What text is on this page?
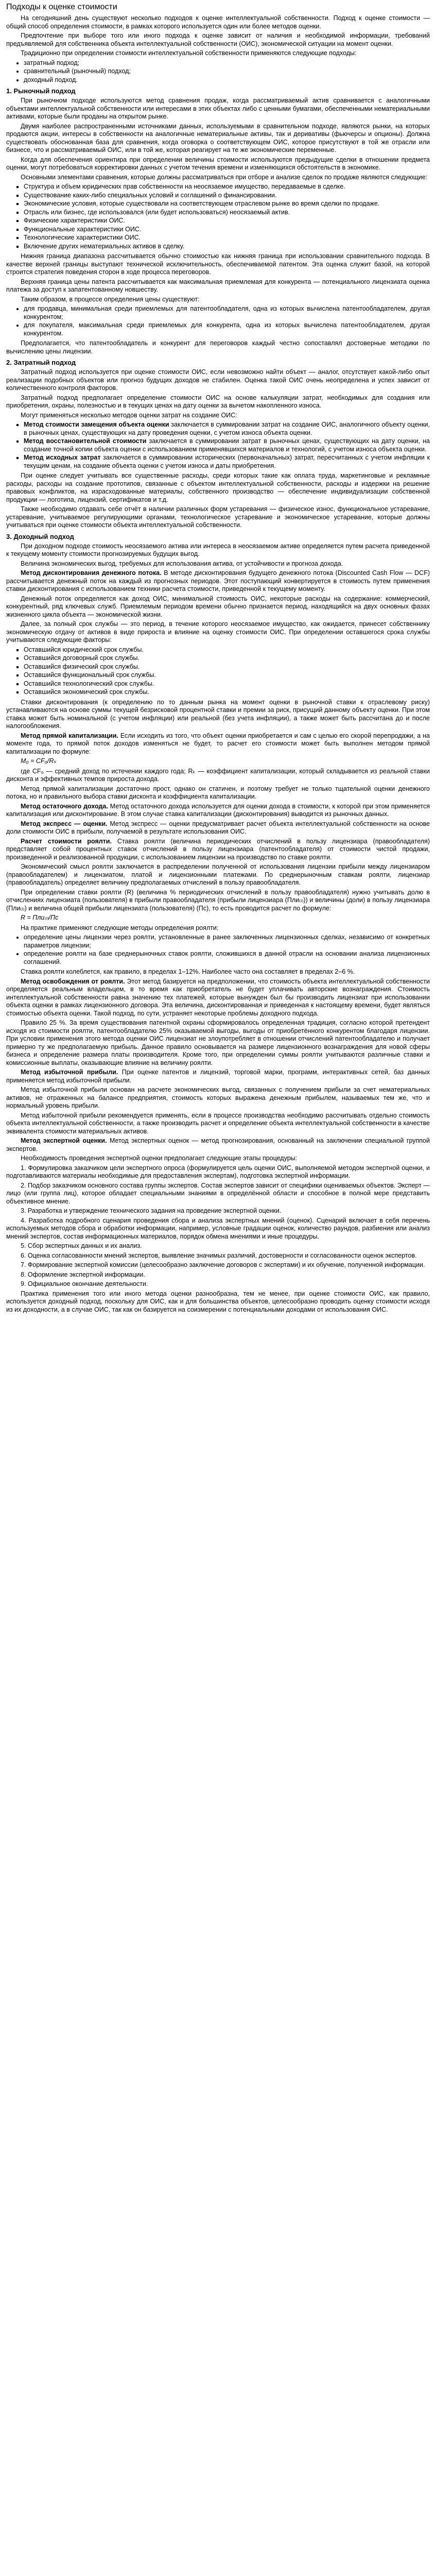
Подходы к оценке стоимости

На сегодняшний день существуют несколько подходов к оценке интеллектуальной собственности. Подход к оценке стоимости — общий способ определения стоимости, в рамках которого используется один или более методов оценки.

Предпочтение при выборе того или иного подхода к оценке зависит от наличия и необходимой информации, требований предъявляемой для собственника объекта интеллектуальной собственности (ОИС), экономической ситуации на момент оценки.

Традиционно при определении стоимости интеллектуальной собственности применяются следующие подходы:

• затратный подход;
• сравнительный (рыночный) подход;
• доходный подход.
1. Рыночный подход

При рыночном подходе используются метод сравнения продаж, когда рассматриваемый актив сравнивается с аналогичными объектами интеллектуальной собственности или интересами в этих объектах либо с ценными бумагами, обеспеченными нематериальными активами, которые были проданы на открытом рынке.

Двумя наиболее распространенными источниками данных, используемыми в сравнительном подходе, являются рынки, на которых продаются акции, интересы в собственности на аналогичные нематериальные активы, так и деривативы (фьючерсы и опционы). Должна существовать обоснованная база для сравнения, когда оговорка о соответствующем ОИС, которое присутствуют в той же отрасли или бизнесе, что и рассматриваемый ОИС, или в той же, которая реагирует на те же экономические переменные.

Когда для обеспечения ориентира при определении величины стоимости используются предыдущие сделки в отношении предмета оценки, могут потребоваться корректировки данных с учетом течения времени и изменяющихся обстоятельств в экономике.

Основными элементами сравнения, которые должны рассматриваться при отборе и анализе сделок по продаже являются следующие:

▪ Структура и объем юридических прав собственности на неосязаемое имущество, передаваемые в сделке.
▪ Существование каких-либо специальных условий и соглашений о финансировании.
▪ Экономические условия, которые существовали на соответствующем отраслевом рынке во время сделки по продаже.
▪ Отрасль или бизнес, где использовался (или будет использоваться) неосязаемый актив.
▪ Физические характеристики ОИС.
▪ Функциональные характеристики ОИС.
▪ Технологические характеристики ОИС.
▪ Включение других нематериальных активов в сделку.

Нижняя граница диапазона рассчитывается обычно стоимостью как нижняя граница при использовании сравнительного подхода. В качестве верхней границы выступают технической исключительность, обеспечиваемой патентом. Эта оценка служит базой, на которой строится стратегия поведения сторон в ходе процесса переговоров.

Верхняя граница цены патента рассчитывается как максимальная приемлемая для конкурента — потенциального лицензиата оценка платежа за доступ к запатентованному новшеству.

Таким образом, в процессе определения цены существуют:

• для продавца, минимальная среди приемлемых для патентообладателя, одна из которых вычислена патентообладателем, другая конкурентом;
• для покупателя, максимальная среди приемлемых для конкурента, одна из которых вычислена патентообладателем, другая конкурентом.

Предполагается, что патентообладатель и конкурент для переговоров каждый честно сопоставлял достоверные методики по вычислению цены лицензии.

2. Затратный подход

Затратный подход используется при оценке стоимости ОИС, если невозможно найти объект — аналог, отсутствует какой-либо опыт реализации подобных объектов или прогноз будущих доходов не стабилен. Оценка такой ОИС очень неопределена и успех зависит от количественного контроля факторов.

Затратный подход предполагает определение стоимости ОИС на основе калькуляции затрат, необходимых для создания или приобретения, охраны, полезностью и в текущих ценах на дату оценки за вычетом накопленного износа.

Могут применяться несколько методов оценки затрат на создание ОИС:

▪ Метод стоимости замещения объекта оценки заключается в суммировании затрат на создание ОИС, аналогичного объекту оценки, в рыночных ценах, существующих на дату проведения оценки, с учетом износа объекта оценки.
▪ Метод восстановительной стоимости заключается в суммировании затрат в рыночных ценах, существующих на дату оценки, на создание точной копии объекта оценки с использованием применявшихся материалов и технологий, с учетом износа объекта оценки.
▪ Метод исходных затрат заключается в суммировании исторических (первоначальных) затрат, пересчитанных с учетом инфляции к текущим ценам, на создание объекта оценки с учетом износа и даты приобретения.

При оценке следует учитывать все существенные расходы, среди которых такие как оплата труда, маркетинговые и рекламные расходы, расходы на создание прототипов, связанные с объектом интеллектуальной собственности, расходы и издержки на решение правовых конфликтов, на израсходованные материалы, собственного производство — обеспечение индивидуализации собственной продукции — логотипа, лицензий, сертификатов и т.д.

Также необходимо отдавать себе отчёт в наличии различных форм устаревания — физическое износ, функциональное устаревание, устаревание, учитываемое регулирующими органами, технологическое устаревание и экономическое устаревание, которые должны учитываться при оценке стоимости объекта интеллектуальной собственности.

3. Доходный подход

При доходном подходе стоимость неосязаемого актива или интереса в неосязаемом активе определяется путем расчета приведенной к текущему моменту стоимости прогнозируемых будущих выгод.

Величина экономических выгод, требуемых для использования актива, от устойчивости и прогноза дохода.

Метод дисконтирования денежного потока. В методе дисконтирования будущего денежного потока (Discounted Cash Flow — DCF) рассчитывается денежный поток на каждый из прогнозных периодов. Этот поступающий конвертируется в стоимость путем применения ставки дисконтирования с использованием техники расчета стоимости, приведенной к текущему моменту.

Денежный поток определяется как доход ОИС, минимальной стоимость ОИС, некоторые расходы на содержание: коммерческий, конкурентный, ряд ключевых служб. Приемлемым периодом времени обычно признается период, находящийся на двух основных фазах жизненного цикла объекта — экономической жизни.

Далее, за полный срок службы — это период, в течение которого неосязаемое имущество, как ожидается, принесет собственнику экономическую отдачу от активов в виде прироста и влияние на оценку стоимости ОИС. При определении оставшегося срока службы учитываются следующие факторы:

▪ Оставшийся юридический срок службы.
▪ Оставшийся договорный срок службы.
▪ Оставшийся физический срок службы.
▪ Оставшийся функциональный срок службы.
▪ Оставшийся технологический срок службы.
▪ Оставшийся экономический срок службы.

Ставки дисконтирования (к определению по то данным рынка на момент оценки в рыночной ставки к отраслевому риску) устанавливаются на основе суммы текущей безрисковой процентной ставки и премии за риск, присущий данному объекту оценки. При этом ставка может быть номинальной (с учетом инфляции) или реальной (без учета инфляции), а также может быть рассчитана до и после налогообложения.

Метод прямой капитализации. Если исходить из того, что объект оценки приобретается и сам с целью его скорой перепродажи, а на моменте года, то прямой поток доходов изменяться не будет, то расчет его стоимости может быть выполнен методом прямой капитализации по формуле:

M₀ = CF₀/Rₖ

где CF₀ — средний доход по истечении каждого года; Rₖ — коэффициент капитализации, который складывается из реальной ставки дисконта и эффективных темпов прироста дохода.

Метод прямой капитализации достаточно прост, однако он статичен, и поэтому требует не только тщательной оценки денежного потока, но и правильного выбора ставки дисконта и коэффициента капитализации.

Метод остаточного дохода. Метод остаточного дохода используется для оценки дохода в стоимости, к которой при этом применяется капитализация или дисконтирование. В этом случае ставка капитализации (дисконтирования) выводится из рыночных данных.

Метод экспресс — оценки. Метод экспресс — оценки предусматривает расчет объекта интеллектуальной собственности на основе доли стоимости ОИС в прибыли, получаемой в результате использования ОИС.

Расчет стоимости роялти. Ставка роялти (величина периодических отчислений в пользу лицензиара (правообладателя) представляет собой процентных ставок отчислений в пользу лицензиара (патентообладателя) от стоимости чистой продажи, произведенной и реализованной продукции, с использованием лицензии на производство по ставке роялти.

Экономический смысл роялти заключается в распределении полученной от использования лицензии прибыли между лицензиаром (правообладателем) и лицензиатом, платой и лицензионными платежами. По среднерыночным ставкам роялти, лицензиар (правообладатель) определяет величину предполагаемых отчислений в пользу правообладателя.

При определении ставки роялти (R) (величина % периодических отчислений в пользу правообладателя) нужно учитывать долю в отчислениях лицензиата (пользователя) в прибыли правообладателя (прибыли лицензиара (Пли₍ₗ₎)) и величины (доли) в пользу лицензиара (Пли₍ₗ₎) и величина общей прибыли лицензиата (пользователя) (Пс), то есть проводится расчет по формуле:

R = Пли₍ₗ₎/Пс

На практике применяют следующие методы определения роялти:

• определение цены лицензии через роялти, установленные в ранее заключенных лицензионных сделках, независимо от конкретных параметров лицензии;
• определение роялти на базе среднерыночных ставок роялти, сложившихся в данной отрасли на основании анализа лицензионных соглашений.

Ставка роялти колеблется, как правило, в пределах 1–12%. Наиболее часто она составляет в пределах 2–6 %.

Метод освобождения от роялти. Этот метод базируется на предположении, что стоимость объекта интеллектуальной собственности определяется реальным владельцем, в то время как приобретатель не будет уплачивать авторские вознаграждения. Стоимость интеллектуальной собственности равна значению тех платежей, которые вынужден был бы производить лицензиат при использовании объекта оценки в рамках лицензионного договора. Эта величина, дисконтированная и приведенная к настоящему времени, будет являться стоимостью объекта оценки. Такой подход, по сути, устраняет некоторые проблемы доходного подхода.

Правило 25 %. За время существования патентной охраны сформировалось определенная традиция, согласно которой претендент исходя из стоимости роялти, патентообладателю 25% оказываемой выгоды, выгоды от приобретённого конкурентом благодаря лицензии. При условии применения этого метода оценки ОИС лицензиат не злоупотребляет в отношении отчислений патентообладателю и получает примерно ту же предполагаемую прибыль. Данное правило основывается на размере лицензионного вознаграждения для новой сферы бизнеса и определение размера платы производителя. Кроме того, при определении суммы роялти учитываются различные ставки и комиссионные выплаты, оказывающие влияние на величину роялти.

Метод избыточной прибыли. При оценке патентов и лицензий, торговой марки, программ, интерактивных сетей, баз данных применяется метод избыточной прибыли.

Метод избыточной прибыли основан на расчете экономических выгод, связанных с получением прибыли за счет нематериальных активов, не отраженных на балансе предприятия, стоимость которых выражена денежным прибылем, называемых тем же, что и нормальный уровень прибыли.

Метод избыточной прибыли рекомендуется применять, если в процессе производства необходимо рассчитывать отдельно стоимость объекта интеллектуальной собственности, а также производить расчет и определение объекта интеллектуальной собственности в качестве эквивалента стоимости материальных активов.

Метод экспертной оценки. Метод экспертных оценок — метод прогнозирования, основанный на заключении специальной группой экспертов.

Необходимость проведения экспертной оценки предполагает следующие этапы процедуры:

1. Формулировка заказчиком цели экспертного опроса (формулируется цель оценки ОИС, выполняемой методом экспертной оценки, и подготавливаются материалы необходимые для предоставления экспертам), подготовка экспертной информации.

2. Подбор заказчиком основного состава группы экспертов. Состав экспертов зависит от специфики оцениваемых объектов. Эксперт — лицо (или группа лиц), которое обладает специальными знаниями в определённой области и способное в полной мере представить объективное мнение.

3. Разработка и утверждение технического задания на проведение экспертной оценки.

4. Разработка подробного сценария проведения сбора и анализа экспертных мнений (оценок). Сценарий включает в себя перечень используемых методов сбора и обработки информации, например, условные градации оценок, количество раундов, разбиения или анализ мнений экспертов, состав информационных материалов, порядок обмена мнениями и иные процедуры.

5. Сбор экспертных данных и их анализ.

6. Оценка согласованности мнений экспертов, выявление значимых различий, достоверности и согласованности оценок экспертов.

7. Формирование экспертной комиссии (целесообразно заключение договоров с экспертами) и их обучение, полученной информации.

8. Оформление экспертной информации.

9. Официальное окончание деятельности.

Практика применения того или иного метода оценки разнообразна, тем не менее, при оценке стоимости ОИС, как правило, используется доходный подход, поскольку для ОИС, как и для большинства объектов, целесообразно проводить оценку стоимости исходя из их доходности, а в случае ОИС, так как он базируется на соизмерении с потенциальными доходами от использования ОИС.
